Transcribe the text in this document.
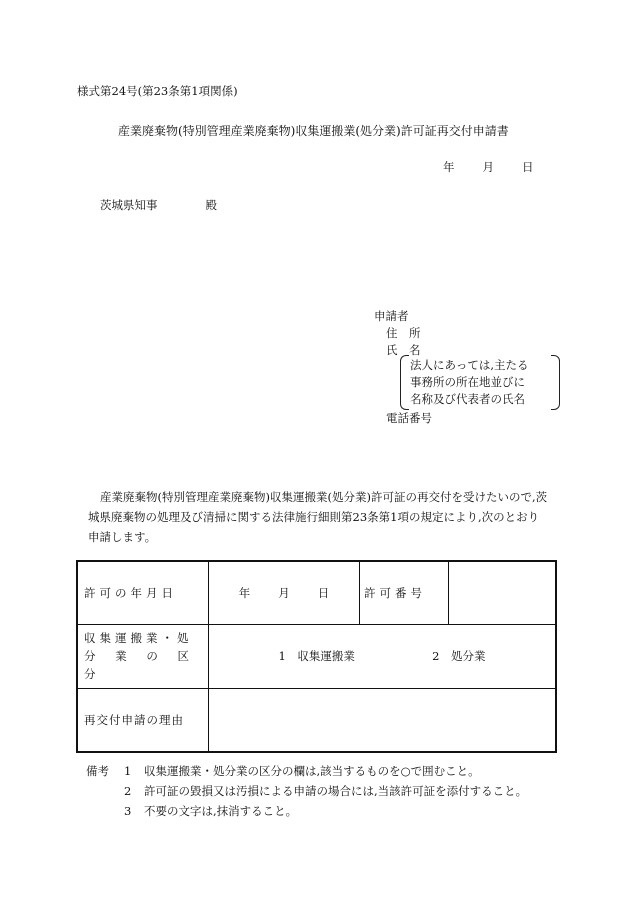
様式第24号(第23条第1項関係)
産業廃棄物(特別管理産業廃棄物)収集運搬業(処分業)許可証再交付申請書
年 月 日
茨城県知事	殿
申請者
住　所
氏　名
法人にあっては,主たる
事務所の所在地並びに
名称及び代表者の氏名
電話番号
産業廃棄物(特別管理産業廃棄物)収集運搬業(処分業)許可証の再交付を受けたいので,茨城県廃棄物の処理及び清掃に関する法律施行細則第23条第1項の規定により,次のとおり申請します。
許可の年月日	年 月 日	許可番号	

収集運搬業・処
分業の区分	1　収集運搬業 2　処分業		
再交付申請の理由			
備考 1 収集運搬業・処分業の区分の欄は,該当するものを○で囲むこと。
2 許可証の毀損又は汚損による申請の場合には,当該許可証を添付すること。
3 不要の文字は,抹消すること。
